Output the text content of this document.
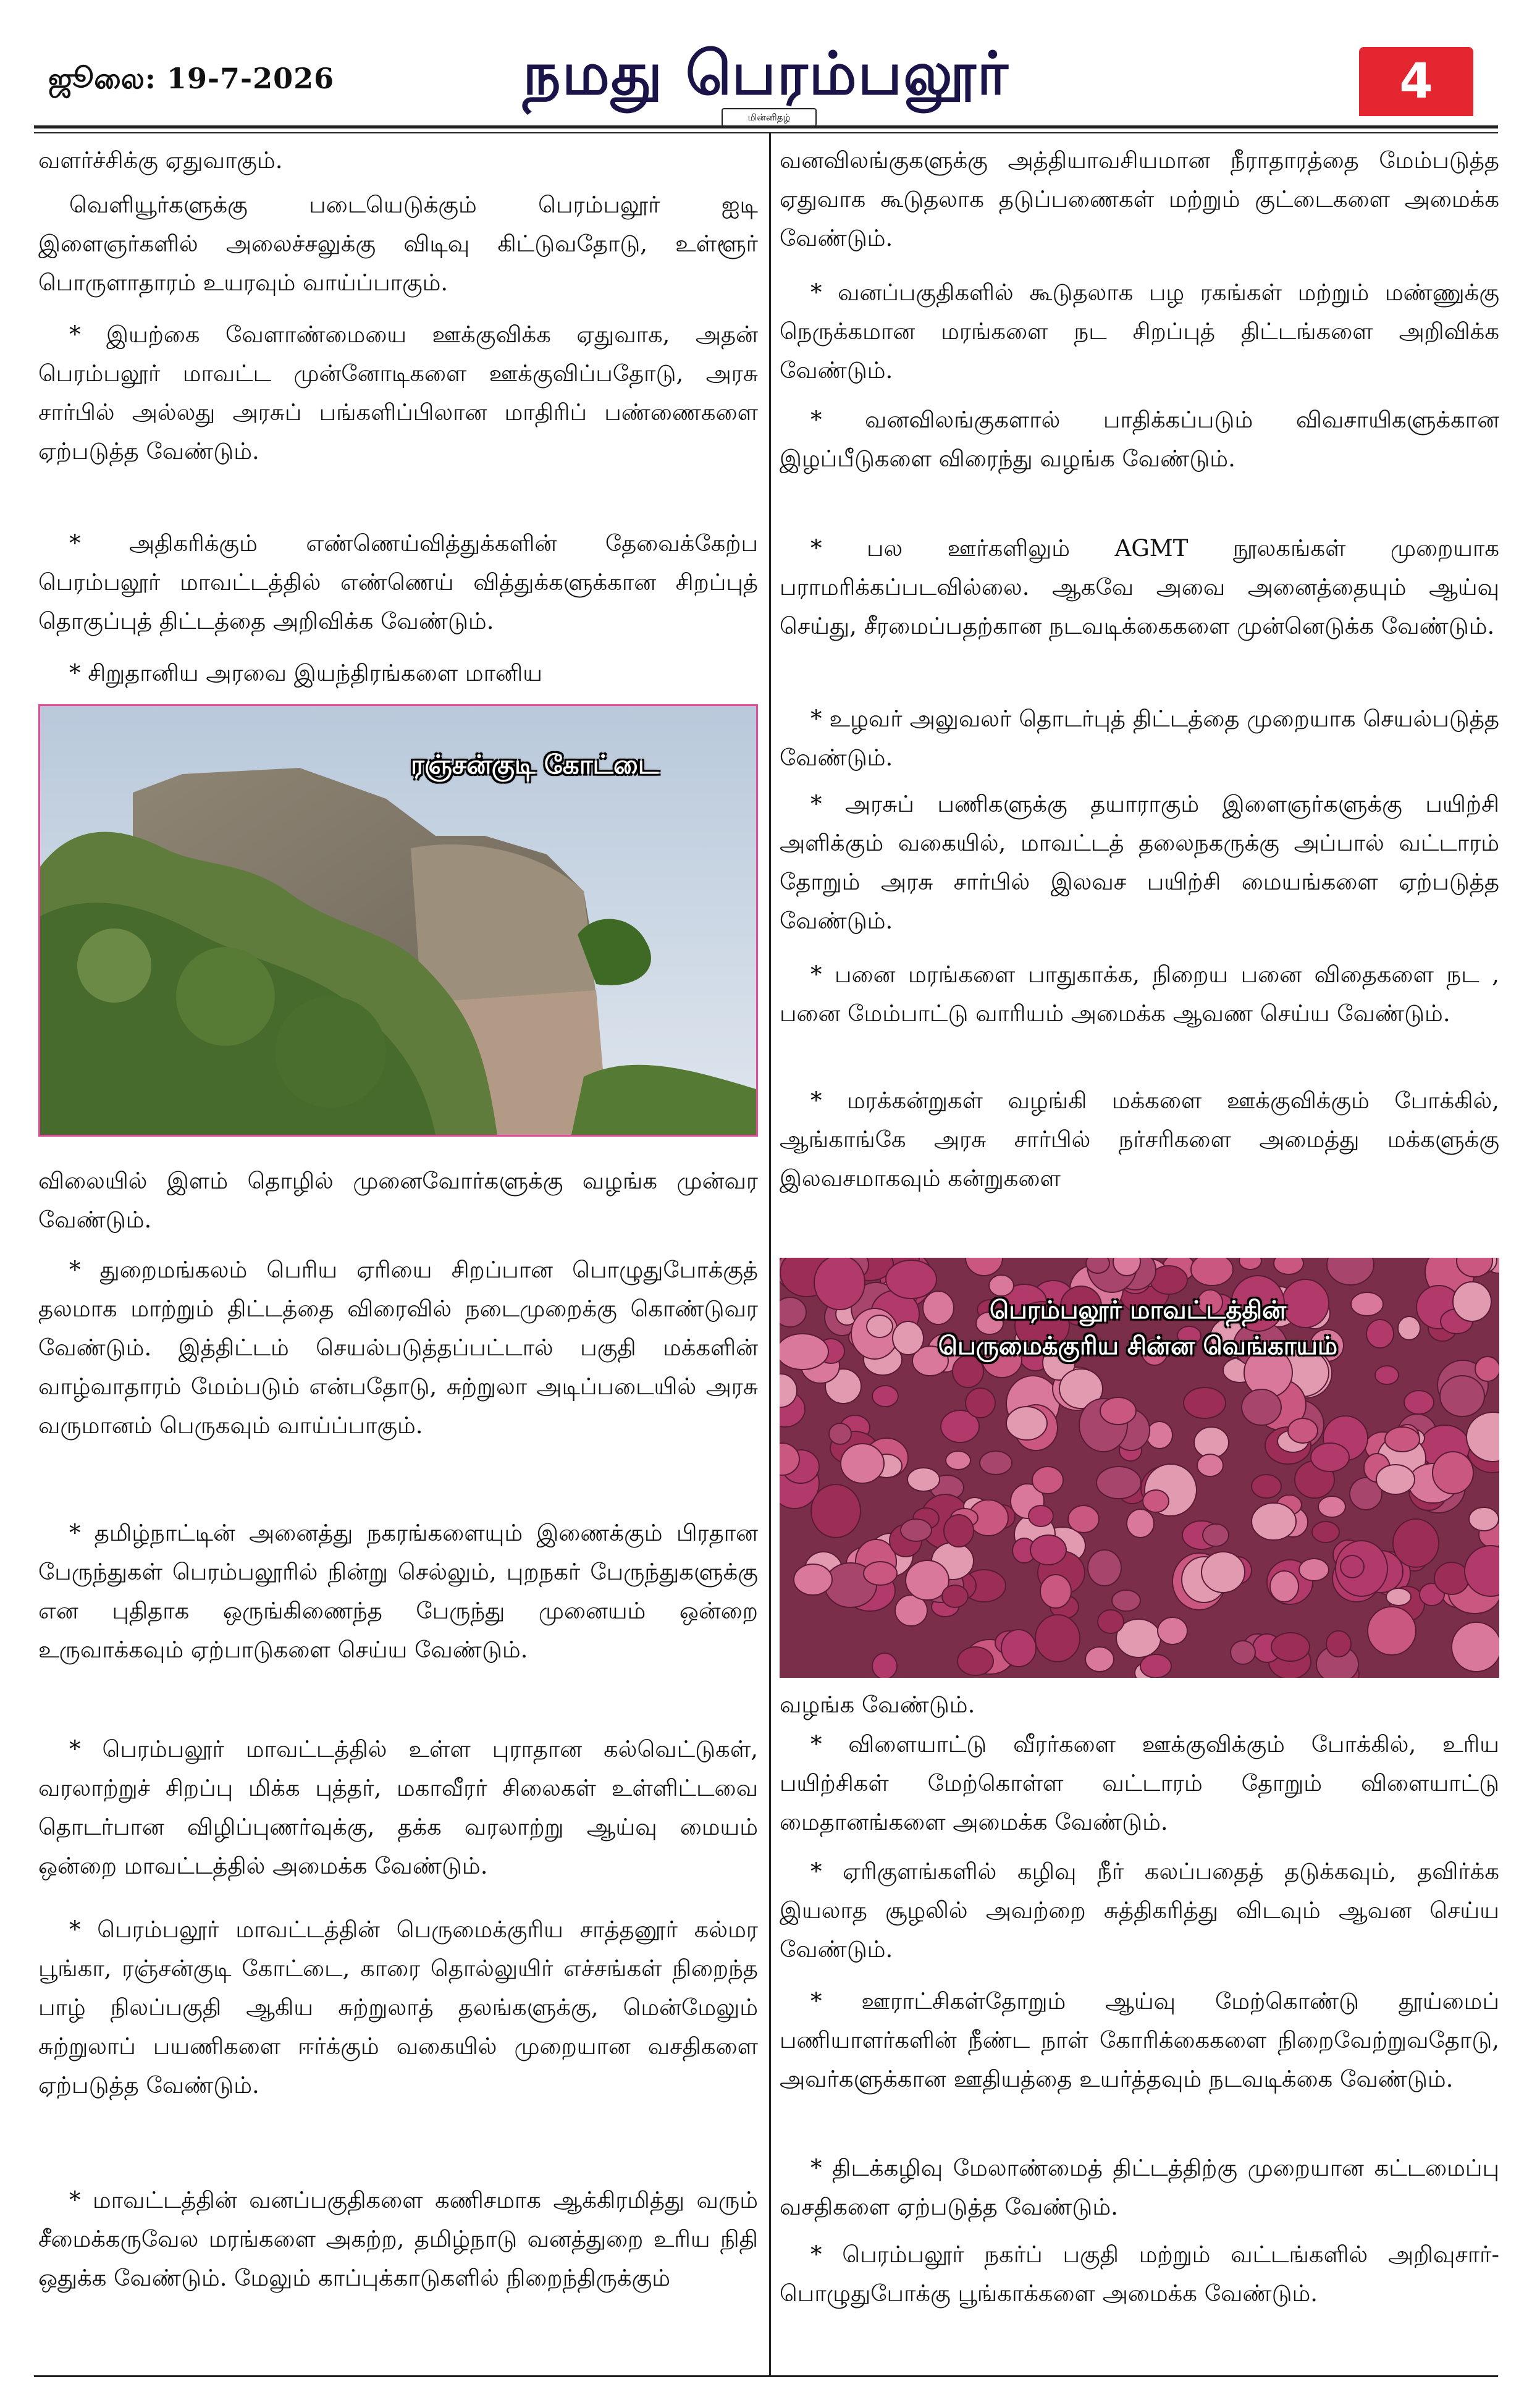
ஜூலை: 19-7-2026	நமது பெரம்பலூர்
மின்னிதழ்
4

வளர்ச்சிக்கு ஏதுவாகும்.

வெளியூர்களுக்கு படையெடுக்கும் பெரம்பலூர் ஐடி இளைஞர்களில் அலைச்சலுக்கு விடிவு கிட்டுவதோடு, உள்ளூர் பொருளாதாரம் உயரவும் வாய்ப்பாகும்.

* இயற்கை வேளாண்மையை ஊக்குவிக்க ஏதுவாக, அதன் பெரம்பலூர் மாவட்ட முன்னோடிகளை ஊக்குவிப்பதோடு, அரசு சார்பில் அல்லது அரசுப் பங்களிப்பிலான மாதிரிப் பண்ணைகளை ஏற்படுத்த வேண்டும்.

* அதிகரிக்கும் எண்ணெய்வித்துக்களின் தேவைக்கேற்ப பெரம்பலூர் மாவட்டத்தில் எண்ணெய் வித்துக்களுக்கான சிறப்புத் தொகுப்புத் திட்டத்தை அறிவிக்க வேண்டும்.

* சிறுதானிய அரவை இயந்திரங்களை மானிய

ரஞ்சன்குடி கோட்டை

விலையில் இளம் தொழில் முனைவோர்களுக்கு வழங்க முன்வர வேண்டும்.

* துறைமங்கலம் பெரிய ஏரியை சிறப்பான பொழுதுபோக்குத் தலமாக மாற்றும் திட்டத்தை விரைவில் நடைமுறைக்கு கொண்டுவர வேண்டும். இத்திட்டம் செயல்படுத்தப்பட்டால் பகுதி மக்களின் வாழ்வாதாரம் மேம்படும் என்பதோடு, சுற்றுலா அடிப்படையில் அரசு வருமானம் பெருகவும் வாய்ப்பாகும்.

* தமிழ்நாட்டின் அனைத்து நகரங்களையும் இணைக்கும் பிரதான பேருந்துகள் பெரம்பலூரில் நின்று செல்லும், புறநகர் பேருந்துகளுக்கு என புதிதாக ஒருங்கிணைந்த பேருந்து முனையம் ஒன்றை உருவாக்கவும் ஏற்பாடுகளை செய்ய வேண்டும்.

* பெரம்பலூர் மாவட்டத்தில் உள்ள புராதான கல்வெட்டுகள், வரலாற்றுச் சிறப்பு மிக்க புத்தர், மகாவீரர் சிலைகள் உள்ளிட்டவை தொடர்பான விழிப்புணர்வுக்கு, தக்க வரலாற்று ஆய்வு மையம் ஒன்றை மாவட்டத்தில் அமைக்க வேண்டும்.

* பெரம்பலூர் மாவட்டத்தின் பெருமைக்குரிய சாத்தனூர் கல்மர பூங்கா, ரஞ்சன்குடி கோட்டை, காரை தொல்லுயிர் எச்சங்கள் நிறைந்த பாழ் நிலப்பகுதி ஆகிய சுற்றுலாத் தலங்களுக்கு, மென்மேலும் சுற்றுலாப் பயணிகளை ஈர்க்கும் வகையில் முறையான வசதிகளை ஏற்படுத்த வேண்டும்.

* மாவட்டத்தின் வனப்பகுதிகளை கணிசமாக ஆக்கிரமித்து வரும் சீமைக்கருவேல மரங்களை அகற்ற, தமிழ்நாடு வனத்துறை உரிய நிதி ஒதுக்க வேண்டும். மேலும் காப்புக்காடுகளில் நிறைந்திருக்கும்

வனவிலங்குகளுக்கு அத்தியாவசியமான நீராதாரத்தை மேம்படுத்த ஏதுவாக கூடுதலாக தடுப்பணைகள் மற்றும் குட்டைகளை அமைக்க வேண்டும்.

* வனப்பகுதிகளில் கூடுதலாக பழ ரகங்கள் மற்றும் மண்ணுக்கு நெருக்கமான மரங்களை நட சிறப்புத் திட்டங்களை அறிவிக்க வேண்டும்.

* வனவிலங்குகளால் பாதிக்கப்படும் விவசாயிகளுக்கான இழப்பீடுகளை விரைந்து வழங்க வேண்டும்.

* பல ஊர்களிலும் AGMT நூலகங்கள் முறையாக பராமரிக்கப்படவில்லை. ஆகவே அவை அனைத்தையும் ஆய்வு செய்து, சீரமைப்பதற்கான நடவடிக்கைகளை முன்னெடுக்க வேண்டும்.

* உழவர் அலுவலர் தொடர்புத் திட்டத்தை முறையாக செயல்படுத்த வேண்டும்.

* அரசுப் பணிகளுக்கு தயாராகும் இளைஞர்களுக்கு பயிற்சி அளிக்கும் வகையில், மாவட்டத் தலைநகருக்கு அப்பால் வட்டாரம் தோறும் அரசு சார்பில் இலவச பயிற்சி மையங்களை ஏற்படுத்த வேண்டும்.

* பனை மரங்களை பாதுகாக்க, நிறைய பனை விதைகளை நட , பனை மேம்பாட்டு வாரியம் அமைக்க ஆவண செய்ய வேண்டும்.

* மரக்கன்றுகள் வழங்கி மக்களை ஊக்குவிக்கும் போக்கில், ஆங்காங்கே அரசு சார்பில் நர்சரிகளை அமைத்து மக்களுக்கு இலவசமாகவும் கன்றுகளை

பெரம்பலூர் மாவட்டத்தின்
பெருமைக்குரிய சின்ன வெங்காயம்

வழங்க வேண்டும்.

* விளையாட்டு வீரர்களை ஊக்குவிக்கும் போக்கில், உரிய பயிற்சிகள் மேற்கொள்ள வட்டாரம் தோறும் விளையாட்டு மைதானங்களை அமைக்க வேண்டும்.

* ஏரிகுளங்களில் கழிவு நீர் கலப்பதைத் தடுக்கவும், தவிர்க்க இயலாத சூழலில் அவற்றை சுத்திகரித்து விடவும் ஆவன செய்ய வேண்டும்.

* ஊராட்சிகள்தோறும் ஆய்வு மேற்கொண்டு தூய்மைப் பணியாளர்களின் நீண்ட நாள் கோரிக்கைகளை நிறைவேற்றுவதோடு, அவர்களுக்கான ஊதியத்தை உயர்த்தவும் நடவடிக்கை வேண்டும்.

* திடக்கழிவு மேலாண்மைத் திட்டத்திற்கு முறையான கட்டமைப்பு வசதிகளை ஏற்படுத்த வேண்டும்.

* பெரம்பலூர் நகர்ப் பகுதி மற்றும் வட்டங்களில் அறிவுசார்- பொழுதுபோக்கு பூங்காக்களை அமைக்க வேண்டும்.
